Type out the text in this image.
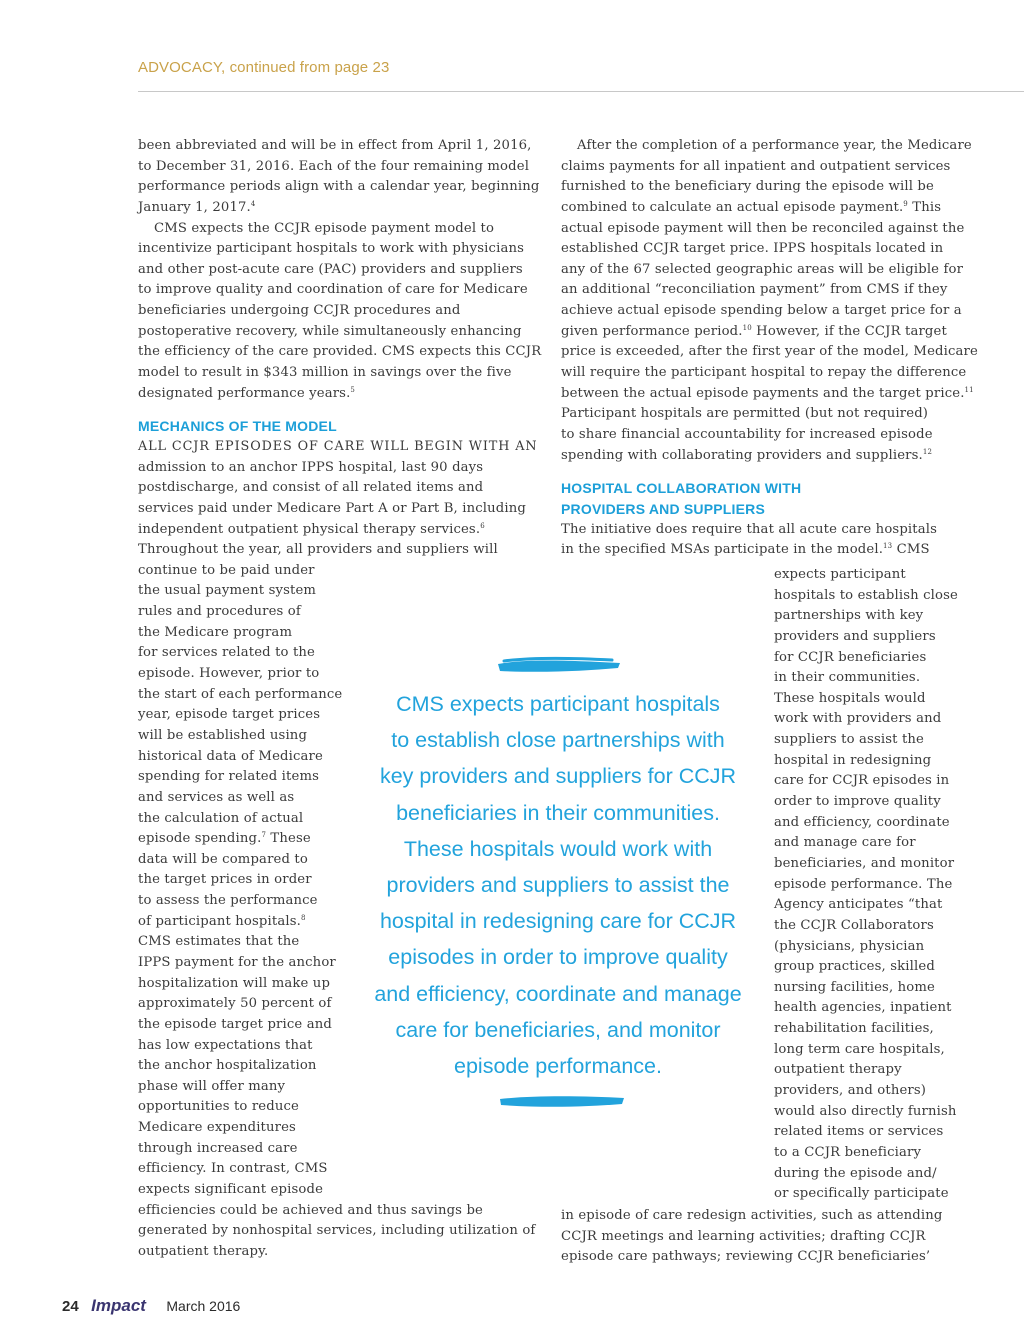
ADVOCACY, continued from page 23
been abbreviated and will be in effect from April 1, 2016,
to December 31, 2016. Each of the four remaining model
performance periods align with a calendar year, beginning
January 1, 2017.$^4$
CMS expects the CCJR episode payment model to
incentivize participant hospitals to work with physicians
and other post-acute care (PAC) providers and suppliers
to improve quality and coordination of care for Medicare
beneficiaries undergoing CCJR procedures and
postoperative recovery, while simultaneously enhancing
the efficiency of the care provided. CMS expects this CCJR
model to result in $343 million in savings over the five
designated performance years.$^5$
MECHANICS OF THE MODEL
ALL CCJR EPISODES OF CARE WILL BEGIN WITH AN
admission to an anchor IPPS hospital, last 90 days
postdischarge, and consist of all related items and
services paid under Medicare Part A or Part B, including
independent outpatient physical therapy services.$^6$
Throughout the year, all providers and suppliers will
continue to be paid under
the usual payment system
rules and procedures of
the Medicare program
for services related to the
episode. However, prior to
the start of each performance
year, episode target prices
will be established using
historical data of Medicare
spending for related items
and services as well as
the calculation of actual
episode spending.$^7$ These
data will be compared to
the target prices in order
to assess the performance
of participant hospitals.$^8$
CMS estimates that the
IPPS payment for the anchor
hospitalization will make up
approximately 50 percent of
the episode target price and
has low expectations that
the anchor hospitalization
phase will offer many
opportunities to reduce
Medicare expenditures
through increased care
efficiency. In contrast, CMS
expects significant episode
efficiencies could be achieved and thus savings be
generated by nonhospital services, including utilization of
outpatient therapy.
After the completion of a performance year, the Medicare
claims payments for all inpatient and outpatient services
furnished to the beneficiary during the episode will be
combined to calculate an actual episode payment.$^9$ This
actual episode payment will then be reconciled against the
established CCJR target price. IPPS hospitals located in
any of the 67 selected geographic areas will be eligible for
an additional “reconciliation payment” from CMS if they
achieve actual episode spending below a target price for a
given performance period.$^{10}$ However, if the CCJR target
price is exceeded, after the first year of the model, Medicare
will require the participant hospital to repay the difference
between the actual episode payments and the target price.$^{11}$
Participant hospitals are permitted (but not required)
to share financial accountability for increased episode
spending with collaborating providers and suppliers.$^{12}$
HOSPITAL COLLABORATION WITH
PROVIDERS AND SUPPLIERS
The initiative does require that all acute care hospitals
in the specified MSAs participate in the model.$^{13}$ CMS
expects participant
hospitals to establish close
partnerships with key
providers and suppliers
for CCJR beneficiaries
in their communities.
These hospitals would
work with providers and
suppliers to assist the
hospital in redesigning
care for CCJR episodes in
order to improve quality
and efficiency, coordinate
and manage care for
beneficiaries, and monitor
episode performance. The
Agency anticipates “that
the CCJR Collaborators
(physicians, physician
group practices, skilled
nursing facilities, home
health agencies, inpatient
rehabilitation facilities,
long term care hospitals,
outpatient therapy
providers, and others)
would also directly furnish
related items or services
to a CCJR beneficiary
during the episode and/
or specifically participate
in episode of care redesign activities, such as attending
CCJR meetings and learning activities; drafting CCJR
episode care pathways; reviewing CCJR beneficiaries’
CMS expects participant hospitals
to establish close partnerships with
key providers and suppliers for CCJR
beneficiaries in their communities.
These hospitals would work with
providers and suppliers to assist the
hospital in redesigning care for CCJR
episodes in order to improve quality
and efficiency, coordinate and manage
care for beneficiaries, and monitor
episode performance.
24 Impact March 2016
